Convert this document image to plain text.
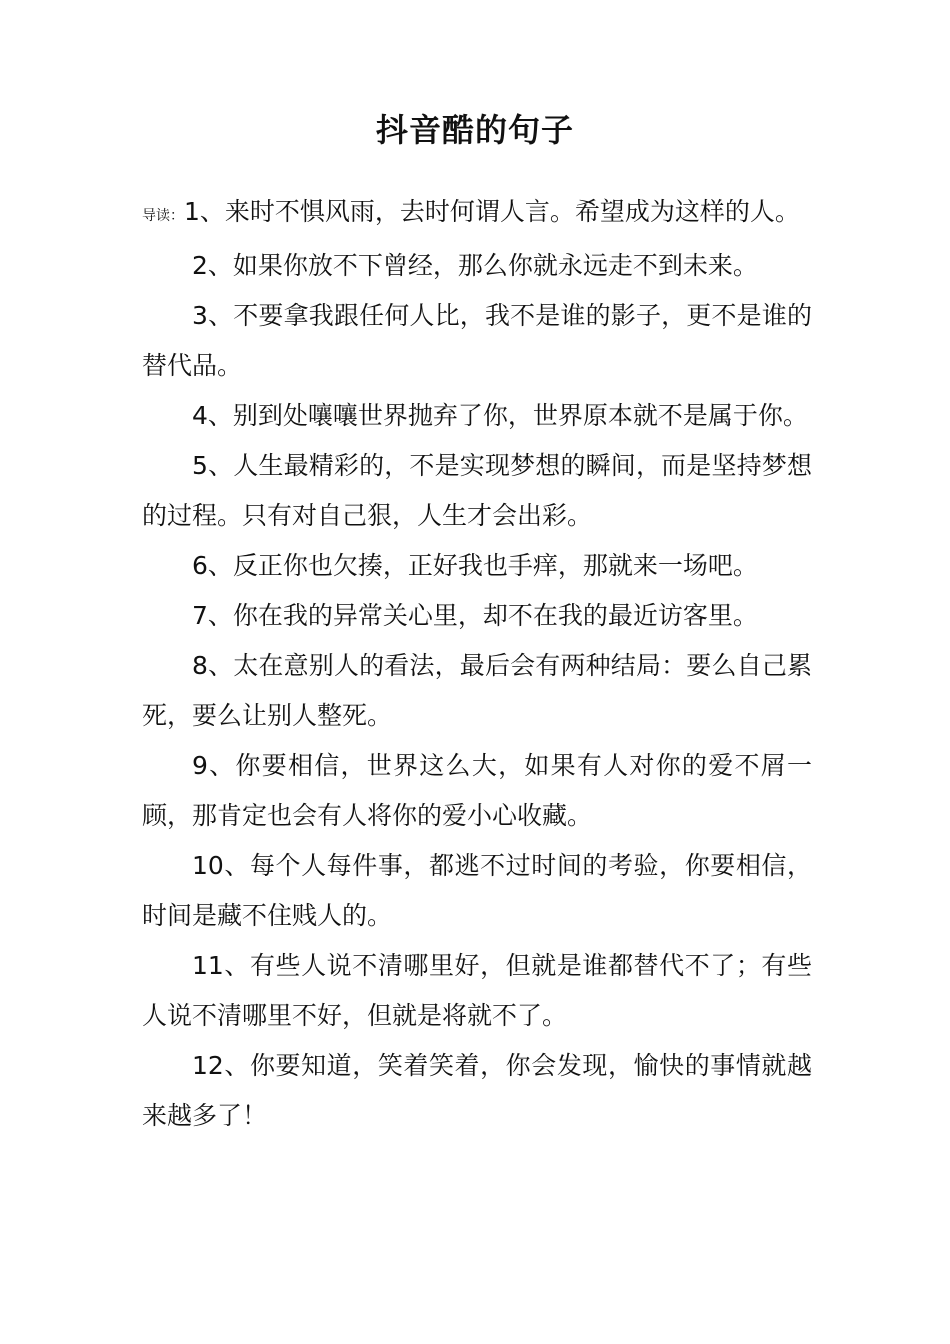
抖音酷的句子

导读：1、来时不惧风雨，去时何谓人言。希望成为这样的人。

2、如果你放不下曾经，那么你就永远走不到未来。

3、不要拿我跟任何人比，我不是谁的影子，更不是谁的替代品。

4、别到处嚷嚷世界抛弃了你，世界原本就不是属于你。

5、人生最精彩的，不是实现梦想的瞬间，而是坚持梦想的过程。只有对自己狠，人生才会出彩。

6、反正你也欠揍，正好我也手痒，那就来一场吧。

7、你在我的异常关心里，却不在我的最近访客里。

8、太在意别人的看法，最后会有两种结局：要么自己累死，要么让别人整死。

9、你要相信，世界这么大，如果有人对你的爱不屑一顾，那肯定也会有人将你的爱小心收藏。

10、每个人每件事，都逃不过时间的考验，你要相信，时间是藏不住贱人的。

11、有些人说不清哪里好，但就是谁都替代不了；有些人说不清哪里不好，但就是将就不了。

12、你要知道，笑着笑着，你会发现，愉快的事情就越来越多了！
